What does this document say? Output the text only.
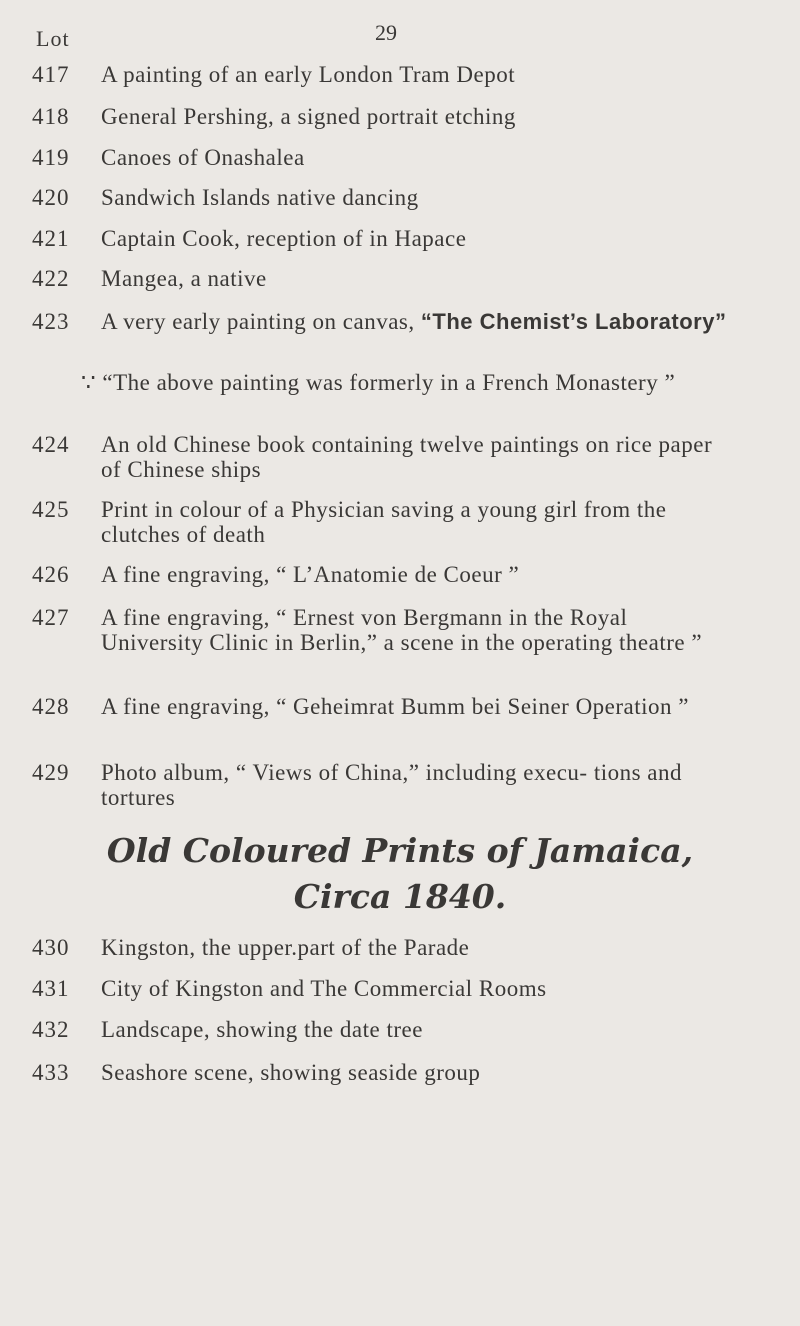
29
Lot
417 A painting of an early London Tram Depot
418 General Pershing, a signed portrait etching
419 Canoes of Onashalea
420 Sandwich Islands native dancing
421 Captain Cook, reception of in Hapace
422 Mangea, a native
423 A very early painting on canvas, “The Chemist’s Laboratory”
∵ “The above painting was formerly in a French Monastery ”
424 An old Chinese book containing twelve paintings on rice paper of Chinese ships
425 Print in colour of a Physician saving a young girl from the clutches of death
426 A fine engraving, “ L’Anatomie de Coeur ”
427 A fine engraving, “ Ernest von Bergmann in the Royal University Clinic in Berlin,” a scene in the operating theatre ”
428 A fine engraving, “ Geheimrat Bumm bei Seiner Operation ”
429 Photo album, “ Views of China,” including execu- tions and tortures
Old Coloured Prints of Jamaica,
Circa 1840.
430 Kingston, the upper.part of the Parade
431 City of Kingston and The Commercial Rooms
432 Landscape, showing the date tree
433 Seashore scene, showing seaside group
